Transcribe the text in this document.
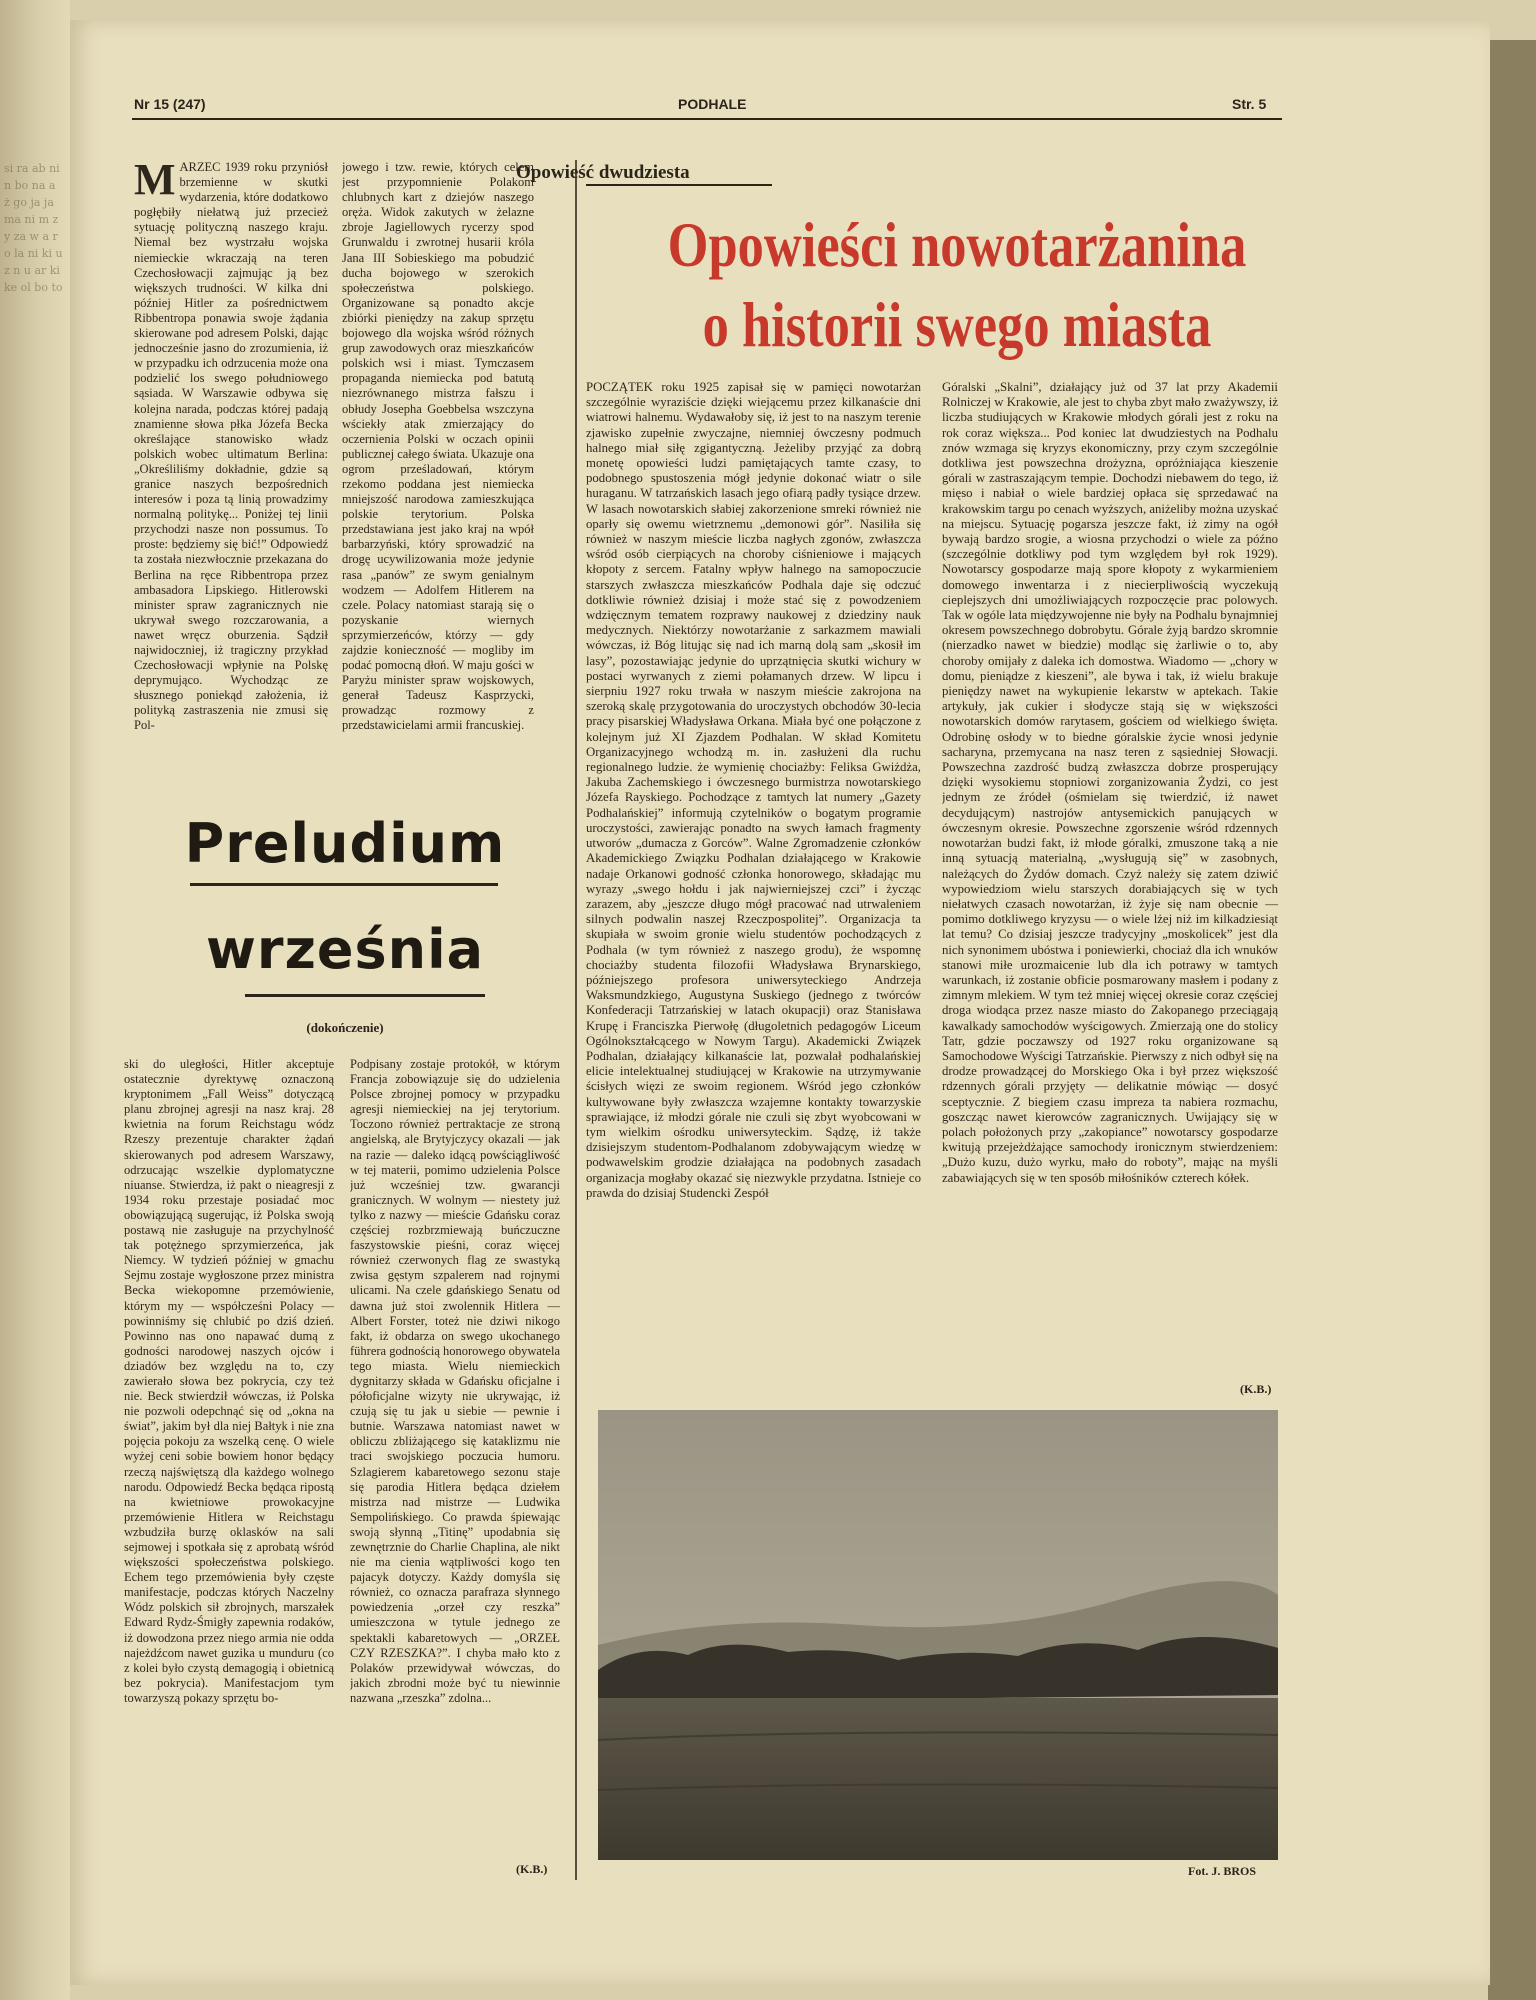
si ra ab ni n bo na a ż go ja ja ma ni m zy za w a ro la ni ki uz n u ar ki ke ol bo to
Nr 15 (247)	PODHALE	Str. 5
M ARZEC 1939 roku przyniósł brzemienne w skutki wydarzenia, które dodatkowo pogłębiły niełatwą już przecież sytuację polityczną naszego kraju. Niemal bez wystrzału wojska niemieckie wkraczają na teren Czechosłowacji zajmując ją bez większych trudności. W kilka dni później Hitler za pośrednictwem Ribbentropa ponawia swoje żądania skierowane pod adresem Polski, dając jednocześnie jasno do zrozumienia, iż w przypadku ich odrzucenia może ona podzielić los swego południowego sąsiada. W Warszawie odbywa się kolejna narada, podczas której padają znamienne słowa płka Józefa Becka określające stanowisko władz polskich wobec ultimatum Berlina: „Określiliśmy dokładnie, gdzie są granice naszych bezpośrednich interesów i poza tą linią prowadzimy normalną politykę... Poniżej tej linii przychodzi nasze non possumus. To proste: będziemy się bić!” Odpowiedź ta została niezwłocznie przekazana do Berlina na ręce Ribbentropa przez ambasadora Lipskiego. Hitlerowski minister spraw zagranicznych nie ukrywał swego rozczarowania, a nawet wręcz oburzenia. Sądził najwidoczniej, iż tragiczny przykład Czechosłowacji wpłynie na Polskę deprymująco. Wychodząc ze słusznego poniekąd założenia, iż polityką zastraszenia nie zmusi się Pol-
jowego i tzw. rewie, których celem jest przypomnienie Polakom chlubnych kart z dziejów naszego oręża. Widok zakutych w żelazne zbroje Jagiellowych rycerzy spod Grunwaldu i zwrotnej husarii króla Jana III Sobieskiego ma pobudzić ducha bojowego w szerokich społeczeństwa polskiego. Organizowane są ponadto akcje zbiórki pieniędzy na zakup sprzętu bojowego dla wojska wśród różnych grup zawodowych oraz mieszkańców polskich wsi i miast. Tymczasem propaganda niemiecka pod batutą niezrównanego mistrza fałszu i obłudy Josepha Goebbelsa wszczyna wściekły atak zmierzający do oczernienia Polski w oczach opinii publicznej całego świata. Ukazuje ona ogrom prześladowań, którym rzekomo poddana jest niemiecka mniejszość narodowa zamieszkująca polskie terytorium. Polska przedstawiana jest jako kraj na wpół barbarzyński, który sprowadzić na drogę ucywilizowania może jedynie rasa „panów” ze swym genialnym wodzem — Adolfem Hitlerem na czele. Polacy natomiast starają się o pozyskanie wiernych sprzymierzeńców, którzy — gdy zajdzie konieczność — mogliby im podać pomocną dłoń. W maju gości w Paryżu minister spraw wojskowych, generał Tadeusz Kasprzycki, prowadząc rozmowy z przedstawicielami armii francuskiej.
Preludium
września
(dokończenie)
ski do uległości, Hitler akceptuje ostatecznie dyrektywę oznaczoną kryptonimem „Fall Weiss” dotyczącą planu zbrojnej agresji na nasz kraj. 28 kwietnia na forum Reichstagu wódz Rzeszy prezentuje charakter żądań skierowanych pod adresem Warszawy, odrzucając wszelkie dyplomatyczne niuanse. Stwierdza, iż pakt o nieagresji z 1934 roku przestaje posiadać moc obowiązującą sugerując, iż Polska swoją postawą nie zasługuje na przychylność tak potężnego sprzymierzeńca, jak Niemcy. W tydzień później w gmachu Sejmu zostaje wygłoszone przez ministra Becka wiekopomne przemówienie, którym my — współcześni Polacy — powinniśmy się chlubić po dziś dzień. Powinno nas ono napawać dumą z godności narodowej naszych ojców i dziadów bez względu na to, czy zawierało słowa bez pokrycia, czy też nie. Beck stwierdził wówczas, iż Polska nie pozwoli odepchnąć się od „okna na świat”, jakim był dla niej Bałtyk i nie zna pojęcia pokoju za wszelką cenę. O wiele wyżej ceni sobie bowiem honor będący rzeczą najświętszą dla każdego wolnego narodu. Odpowiedź Becka będąca ripostą na kwietniowe prowokacyjne przemówienie Hitlera w Reichstagu wzbudziła burzę oklasków na sali sejmowej i spotkała się z aprobatą wśród większości społeczeństwa polskiego. Echem tego przemówienia były częste manifestacje, podczas których Naczelny Wódz polskich sił zbrojnych, marszałek Edward Rydz-Śmigły zapewnia rodaków, iż dowodzona przez niego armia nie odda najeżdźcom nawet guzika u munduru (co z kolei było czystą demagogią i obietnicą bez pokrycia). Manifestacjom tym towarzyszą pokazy sprzętu bo-
Podpisany zostaje protokół, w którym Francja zobowiązuje się do udzielenia Polsce zbrojnej pomocy w przypadku agresji niemieckiej na jej terytorium. Toczono również pertraktacje ze stroną angielską, ale Brytyjczycy okazali — jak na razie — daleko idącą powściągliwość w tej materii, pomimo udzielenia Polsce już wcześniej tzw. gwarancji granicznych. W wolnym — niestety już tylko z nazwy — mieście Gdańsku coraz częściej rozbrzmiewają buńczuczne faszystowskie pieśni, coraz więcej również czerwonych flag ze swastyką zwisa gęstym szpalerem nad rojnymi ulicami. Na czele gdańskiego Senatu od dawna już stoi zwolennik Hitlera — Albert Forster, toteż nie dziwi nikogo fakt, iż obdarza on swego ukochanego führera godnością honorowego obywatela tego miasta. Wielu niemieckich dygnitarzy składa w Gdańsku oficjalne i półoficjalne wizyty nie ukrywając, iż czują się tu jak u siebie — pewnie i butnie. Warszawa natomiast nawet w obliczu zbliżającego się kataklizmu nie traci swojskiego poczucia humoru. Szlagierem kabaretowego sezonu staje się parodia Hitlera będąca dziełem mistrza nad mistrze — Ludwika Sempolińskiego. Co prawda śpiewając swoją słynną „Titinę” upodabnia się zewnętrznie do Charlie Chaplina, ale nikt nie ma cienia wątpliwości kogo ten pajacyk dotyczy. Każdy domyśla się również, co oznacza parafraza słynnego powiedzenia „orzeł czy reszka” umieszczona w tytule jednego ze spektakli kabaretowych — „ORZEŁ CZY RZESZKA?”. I chyba mało kto z Polaków przewidywał wówczas, do jakich zbrodni może być tu niewinnie nazwana „rzeszka” zdolna...
(K.B.)
Opowieść dwudziesta
Opowieści nowotarżanina
o historii swego miasta
POCZĄTEK roku 1925 zapisał się w pamięci nowotarżan szczególnie wyraziście dzięki wiejącemu przez kilkanaście dni wiatrowi halnemu. Wydawałoby się, iż jest to na naszym terenie zjawisko zupełnie zwyczajne, niemniej ówczesny podmuch halnego miał siłę zgigantyczną. Jeżeliby przyjąć za dobrą monetę opowieści ludzi pamiętających tamte czasy, to podobnego spustoszenia mógł jedynie dokonać wiatr o sile huraganu. W tatrzańskich lasach jego ofiarą padły tysiące drzew. W lasach nowotarskich słabiej zakorzenione smreki również nie oparły się owemu wietrznemu „demonowi gór”. Nasiliła się również w naszym mieście liczba nagłych zgonów, zwłaszcza wśród osób cierpiących na choroby ciśnieniowe i mających kłopoty z sercem. Fatalny wpływ halnego na samopoczucie starszych zwłaszcza mieszkańców Podhala daje się odczuć dotkliwie również dzisiaj i może stać się z powodzeniem wdzięcznym tematem rozprawy naukowej z dziedziny nauk medycznych. Niektórzy nowotarżanie z sarkazmem mawiali wówczas, iż Bóg litując się nad ich marną dolą sam „skosił im lasy”, pozostawiając jedynie do uprzątnięcia skutki wichury w postaci wyrwanych z ziemi połamanych drzew. W lipcu i sierpniu 1927 roku trwała w naszym mieście zakrojona na szeroką skalę przygotowania do uroczystych obchodów 30-lecia pracy pisarskiej Władysława Orkana. Miała być one połączone z kolejnym już XI Zjazdem Podhalan. W skład Komitetu Organizacyjnego wchodzą m. in. zasłużeni dla ruchu regionalnego ludzie. że wymienię chociażby: Feliksa Gwiżdża, Jakuba Zachemskiego i ówczesnego burmistrza nowotarskiego Józefa Rayskiego. Pochodzące z tamtych lat numery „Gazety Podhalańskiej” informują czytelników o bogatym programie uroczystości, zawierając ponadto na swych łamach fragmenty utworów „dumacza z Gorców”. Walne Zgromadzenie członków Akademickiego Związku Podhalan działającego w Krakowie nadaje Orkanowi godność członka honorowego, składając mu wyrazy „swego hołdu i jak najwierniejszej czci” i życząc zarazem, aby „jeszcze długo mógł pracować nad utrwaleniem silnych podwalin naszej Rzeczpospolitej”. Organizacja ta skupiała w swoim gronie wielu studentów pochodzących z Podhala (w tym również z naszego grodu), że wspomnę chociażby studenta filozofii Władysława Brynarskiego, późniejszego profesora uniwersyteckiego Andrzeja Waksmundzkiego, Augustyna Suskiego (jednego z twórców Konfederacji Tatrzańskiej w latach okupacji) oraz Stanisława Krupę i Franciszka Pierwołę (długoletnich pedagogów Liceum Ogólnokształcącego w Nowym Targu). Akademicki Związek Podhalan, działający kilkanaście lat, pozwalał podhalańskiej elicie intelektualnej studiującej w Krakowie na utrzymywanie ścisłych więzi ze swoim regionem. Wśród jego członków kultywowane były zwłaszcza wzajemne kontakty towarzyskie sprawiające, iż młodzi górale nie czuli się zbyt wyobcowani w tym wielkim ośrodku uniwersyteckim. Sądzę, iż także dzisiejszym studentom-Podhalanom zdobywającym wiedzę w podwawelskim grodzie działająca na podobnych zasadach organizacja mogłaby okazać się niezwykle przydatna. Istnieje co prawda do dzisiaj Studencki Zespół
Góralski „Skalni”, działający już od 37 lat przy Akademii Rolniczej w Krakowie, ale jest to chyba zbyt mało zważywszy, iż liczba studiujących w Krakowie młodych górali jest z roku na rok coraz większa... Pod koniec lat dwudziestych na Podhalu znów wzmaga się kryzys ekonomiczny, przy czym szczególnie dotkliwa jest powszechna drożyzna, opróżniająca kieszenie górali w zastraszającym tempie. Dochodzi niebawem do tego, iż mięso i nabiał o wiele bardziej opłaca się sprzedawać na krakowskim targu po cenach wyższych, aniżeliby można uzyskać na miejscu. Sytuację pogarsza jeszcze fakt, iż zimy na ogół bywają bardzo srogie, a wiosna przychodzi o wiele za późno (szczególnie dotkliwy pod tym względem był rok 1929). Nowotarscy gospodarze mają spore kłopoty z wykarmieniem domowego inwentarza i z niecierpliwością wyczekują cieplejszych dni umożliwiających rozpoczęcie prac polowych. Tak w ogóle lata międzywojenne nie były na Podhalu bynajmniej okresem powszechnego dobrobytu. Górale żyją bardzo skromnie (nierzadko nawet w biedzie) modląc się żarliwie o to, aby choroby omijały z daleka ich domostwa. Wiadomo — „chory w domu, pieniądze z kieszeni”, ale bywa i tak, iż wielu brakuje pieniędzy nawet na wykupienie lekarstw w aptekach. Takie artykuły, jak cukier i słodycze stają się w większości nowotarskich domów rarytasem, gościem od wielkiego święta. Odrobinę osłody w to biedne góralskie życie wnosi jedynie sacharyna, przemycana na nasz teren z sąsiedniej Słowacji. Powszechna zazdrość budzą zwłaszcza dobrze prosperujący dzięki wysokiemu stopniowi zorganizowania Żydzi, co jest jednym ze źródeł (ośmielam się twierdzić, iż nawet decydującym) nastrojów antysemickich panujących w ówczesnym okresie. Powszechne zgorszenie wśród rdzennych nowotarżan budzi fakt, iż młode góralki, zmuszone taką a nie inną sytuacją materialną, „wysługują się” w zasobnych, należących do Żydów domach. Czyż należy się zatem dziwić wypowiedziom wielu starszych dorabiających się w tych niełatwych czasach nowotarżan, iż żyje się nam obecnie — pomimo dotkliwego kryzysu — o wiele lżej niż im kilkadziesiąt lat temu? Co dzisiaj jeszcze tradycyjny „moskolicek” jest dla nich synonimem ubóstwa i poniewierki, chociaż dla ich wnuków stanowi miłe urozmaicenie lub dla ich potrawy w tamtych warunkach, iż zostanie obficie posmarowany masłem i podany z zimnym mlekiem. W tym też mniej więcej okresie coraz częściej droga wiodąca przez nasze miasto do Zakopanego przeciągają kawalkady samochodów wyścigowych. Zmierzają one do stolicy Tatr, gdzie poczawszy od 1927 roku organizowane są Samochodowe Wyścigi Tatrzańskie. Pierwszy z nich odbył się na drodze prowadzącej do Morskiego Oka i był przez większość rdzennych górali przyjęty — delikatnie mówiąc — dosyć sceptycznie. Z biegiem czasu impreza ta nabiera rozmachu, goszcząc nawet kierowców zagranicznych. Uwijający się w polach położonych przy „zakopiance” nowotarscy gospodarze kwitują przejeżdżające samochody ironicznym stwierdzeniem: „Dużo kuzu, dużo wyrku, mało do roboty”, mając na myśli zabawiających się w ten sposób miłośników czterech kółek.
(K.B.)
Fot. J. BROS
